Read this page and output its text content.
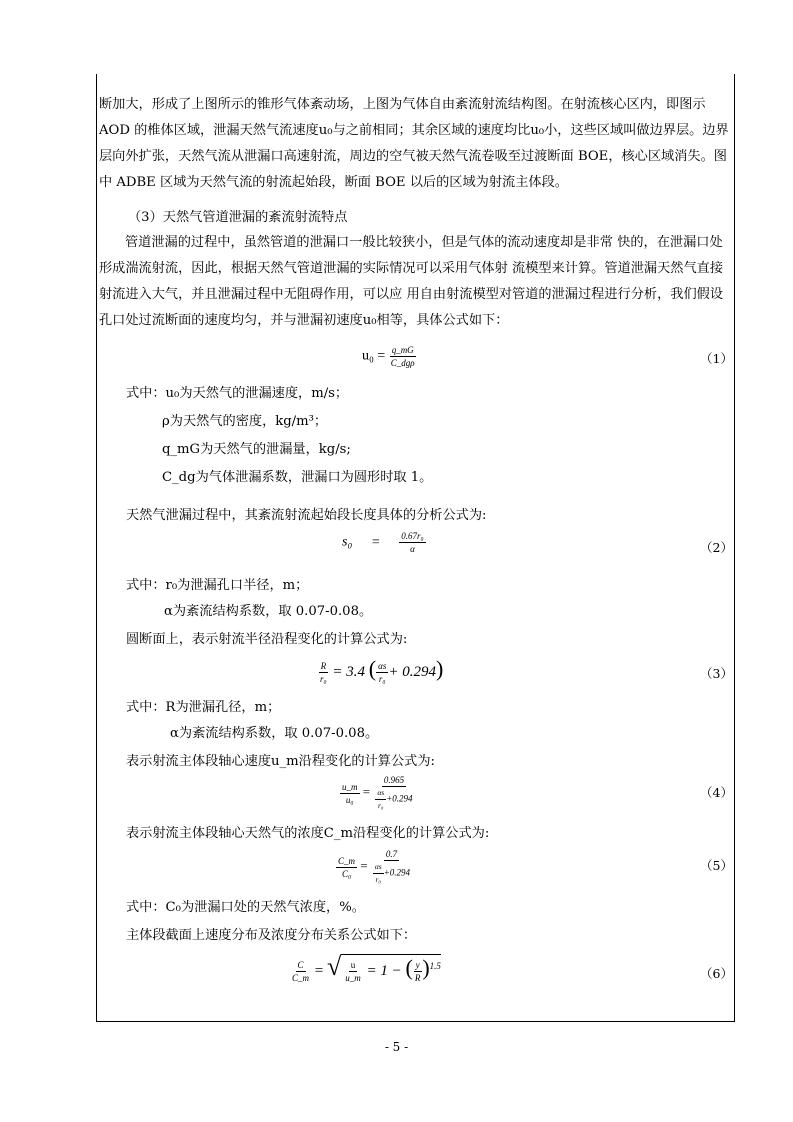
断加大，形成了上图所示的锥形气体紊动场，上图为气体自由紊流射流结构图。在射流核心区内，即图示 AOD 的椎体区域，泄漏天然气流速度u₀与之前相同；其余区域的速度均比u₀小，这些区域叫做边界层。边界层向外扩张，天然气流从泄漏口高速射流，周边的空气被天然气流卷吸至过渡断面 BOE，核心区域消失。图中 ADBE 区域为天然气流的射流起始段，断面 BOE 以后的区域为射流主体段。
（3）天然气管道泄漏的紊流射流特点
管道泄漏的过程中，虽然管道的泄漏口一般比较狭小，但是气体的流动速度却是非常 快的，在泄漏口处形成湍流射流，因此，根据天然气管道泄漏的实际情况可以采用气体射 流模型来计算。管道泄漏天然气直接射流进入大气，并且泄漏过程中无阻碍作用，可以应 用自由射流模型对管道的泄漏过程进行分析，我们假设孔口处过流断面的速度均匀，并与泄漏初速度u₀相等，具体公式如下：
$u_0 = \frac{q\_mG}{\text{C\_dgρ}}$	（1）
式中：u₀为天然气的泄漏速度，m/s；
ρ为天然气的密度，kg/m³；
q_mG为天然气的泄漏量，kg/s;
C_dg为气体泄漏系数，泄漏口为圆形时取 1。
天然气泄漏过程中，其紊流射流起始段长度具体的分析公式为:
$s_0 = \frac{\text{0.67r₀}}{\alpha}$	（2）
式中：r₀为泄漏孔口半径，m；
α为紊流结构系数，取 0.07-0.08。
圆断面上，表示射流半径沿程变化的计算公式为:
$\frac{R}{\text{r₀}} = 3.4$ ( $\frac{\alpha s}{\text{r₀}} + 0.294$)	（3）
式中：R为泄漏孔径，m；
α为紊流结构系数，取 0.07-0.08。
表示射流主体段轴心速度u_m沿程变化的计算公式为:
$\frac{u\_m}{\text{u₀}} = \frac{0.965}{\frac{\alpha s}{\text{r₀}} +0.294}$	（4）
表示射流主体段轴心天然气的浓度C_m沿程变化的计算公式为:
$\frac{C\_m}{\text{C₀}} = \frac{0.7}{\frac{\alpha s}{\text{r₀}} +0.294}$	（5）
式中：C₀为泄漏口处的天然气浓度，%。
主体段截面上速度分布及浓度分布关系公式如下：
$\frac{C}{C\_m}$ = √ $\frac{u}{u\_m} = 1$ − ( $\frac{y}{R} )^{1.5}$	（6）
- 5 -
